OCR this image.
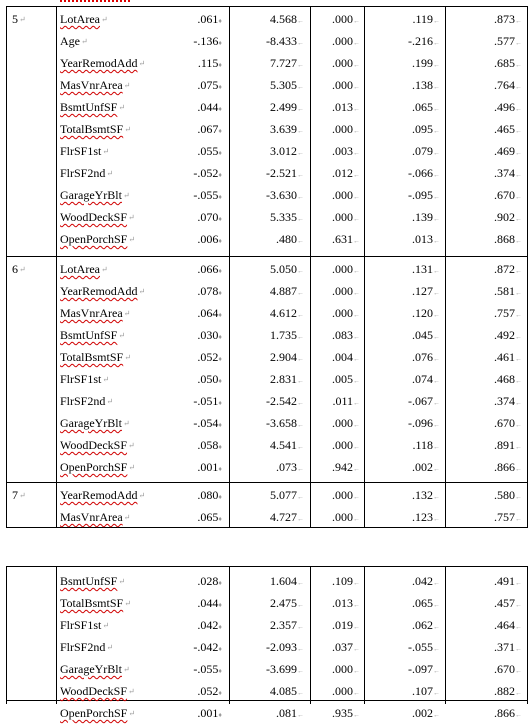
5↵	LotArea↵	.061♦	4.568←	.000←	.119←	.873←
Age↵	-.136♦	-8.433←	.000←	-.216←	.577←
YearRemodAdd↵	.115♦	7.727←	.000←	.199←	.685←
MasVnrArea↵	.075♦	5.305←	.000←	.138←	.764←
BsmtUnfSF↵	.044♦	2.499←	.013←	.065←	.496←
TotalBsmtSF↵	.067♦	3.639←	.000←	.095←	.465←
FlrSF1st↵	.055♦	3.012←	.003←	.079←	.469←
FlrSF2nd↵	-.052♦	-2.521←	.012←	-.066←	.374←
GarageYrBlt↵	-.055♦	-3.630←	.000←	-.095←	.670←
WoodDeckSF↵	.070♦	5.335←	.000←	.139←	.902←
OpenPorchSF↵	.006♦	.480←	.631←	.013←	.868←
6↵	LotArea↵	.066♦	5.050←	.000←	.131←	.872←
YearRemodAdd↵	.078♦	4.887←	.000←	.127←	.581←
MasVnrArea↵	.064♦	4.612←	.000←	.120←	.757←
BsmtUnfSF↵	.030♦	1.735←	.083←	.045←	.492←
TotalBsmtSF↵	.052♦	2.904←	.004←	.076←	.461←
FlrSF1st↵	.050♦	2.831←	.005←	.074←	.468←
FlrSF2nd↵	-.051♦	-2.542←	.011←	-.067←	.374←
GarageYrBlt↵	-.054♦	-3.658←	.000←	-.096←	.670←
WoodDeckSF↵	.058♦	4.541←	.000←	.118←	.891←
OpenPorchSF↵	.001♦	.073←	.942←	.002←	.866←
7↵	YearRemodAdd↵	.080♦	5.077←	.000←	.132←	.580←
MasVnrArea↵	.065♦	4.727←	.000←	.123←	.757←
BsmtUnfSF↵	.028♦	1.604←	.109←	.042←	.491←
TotalBsmtSF↵	.044♦	2.475←	.013←	.065←	.457←
FlrSF1st↵	.042♦	2.357←	.019←	.062←	.464←
FlrSF2nd↵	-.042♦	-2.093←	.037←	-.055←	.371←
GarageYrBlt↵	-.055♦	-3.699←	.000←	-.097←	.670←
WoodDeckSF↵	.052♦	4.085←	.000←	.107←	.882←
OpenPorchSF↵	.001♦	.081←	.935←	.002←	.866←
